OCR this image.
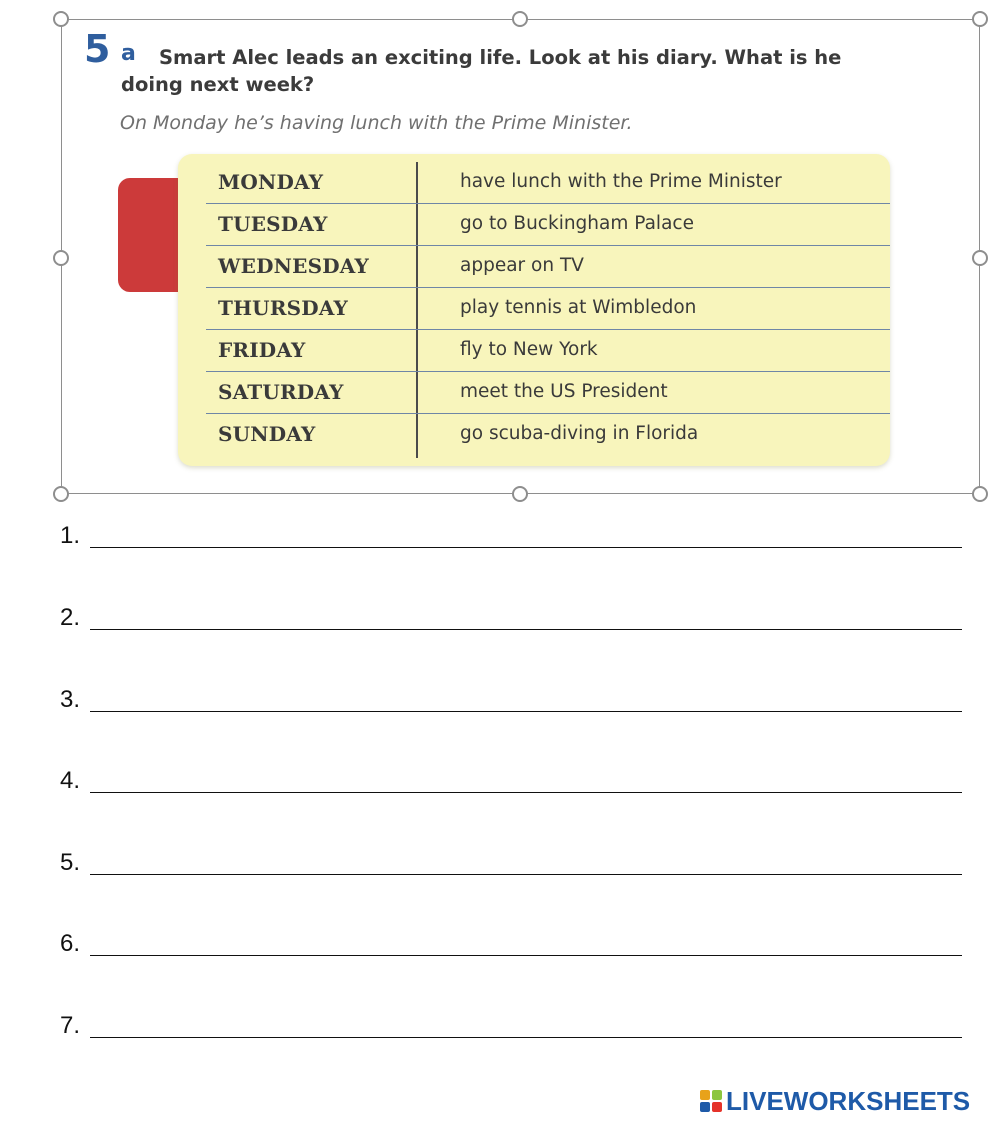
5 a	Smart Alec leads an exciting life. Look at his diary. What is he doing next week?
On Monday he’s having lunch with the Prime Minister.
MONDAY	have lunch with the Prime Minister
TUESDAY	go to Buckingham Palace
WEDNESDAY	appear on TV
THURSDAY	play tennis at Wimbledon
FRIDAY	fly to New York
SATURDAY	meet the US President
SUNDAY	go scuba-diving in Florida
1.
2.
3.
4.
5.
6.
7.
LIVEWORKSHEETS
